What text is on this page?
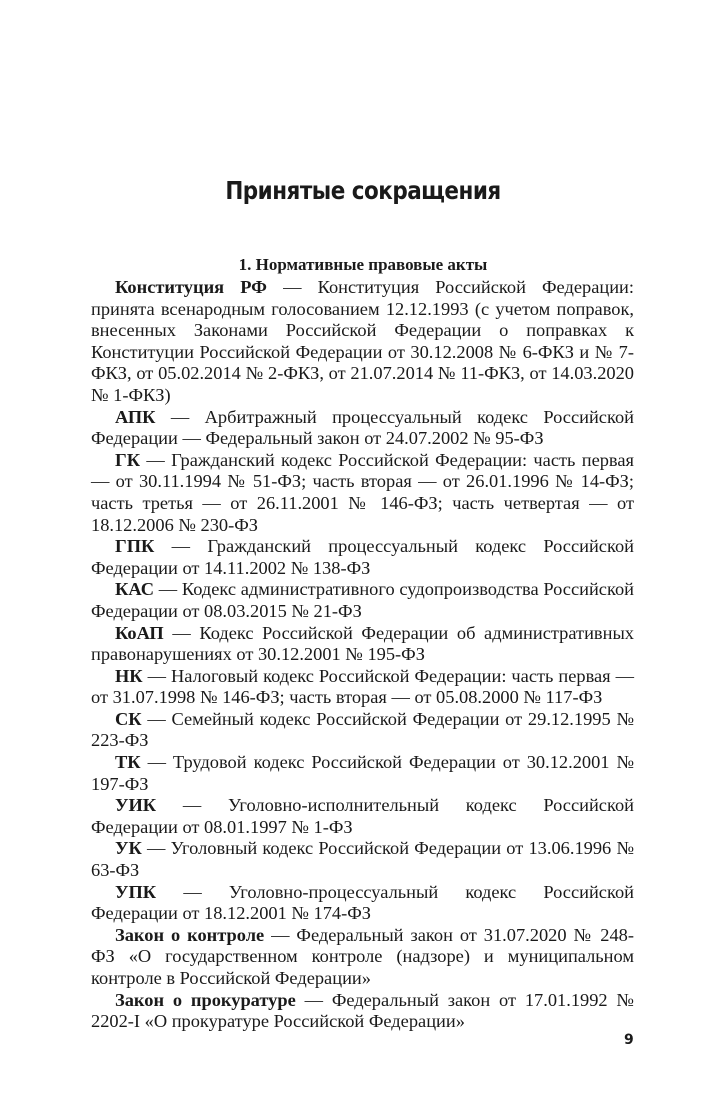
Принятые сокращения
1. Нормативные правовые акты

Конституция РФ — Конституция Российской Федерации: принята всенародным голосованием 12.12.1993 (с учетом поправок, внесенных Законами Российской Федерации о поправках к Конституции Российской Федерации от 30.12.2008 № 6-ФКЗ и № 7-ФКЗ, от 05.02.2014 № 2-ФКЗ, от 21.07.2014 № 11-ФКЗ, от 14.03.2020 № 1-ФКЗ)

АПК — Арбитражный процессуальный кодекс Российской Федерации — Федеральный закон от 24.07.2002 № 95-ФЗ

ГК — Гражданский кодекс Российской Федерации: часть первая — от 30.11.1994 № 51-ФЗ; часть вторая — от 26.01.1996 № 14-ФЗ; часть третья — от 26.11.2001 № 146-ФЗ; часть четвертая — от 18.12.2006 № 230-ФЗ

ГПК — Гражданский процессуальный кодекс Российской Федерации от 14.11.2002 № 138-ФЗ

КАС — Кодекс административного судопроизводства Российской Федерации от 08.03.2015 № 21-ФЗ

КоАП — Кодекс Российской Федерации об административных правонарушениях от 30.12.2001 № 195-ФЗ

НК — Налоговый кодекс Российской Федерации: часть первая — от 31.07.1998 № 146-ФЗ; часть вторая — от 05.08.2000 № 117-ФЗ

СК — Семейный кодекс Российской Федерации от 29.12.1995 № 223-ФЗ

ТК — Трудовой кодекс Российской Федерации от 30.12.2001 № 197-ФЗ

УИК — Уголовно-исполнительный кодекс Российской Федерации от 08.01.1997 № 1-ФЗ

УК — Уголовный кодекс Российской Федерации от 13.06.1996 № 63-ФЗ

УПК — Уголовно-процессуальный кодекс Российской Федерации от 18.12.2001 № 174-ФЗ

Закон о контроле — Федеральный закон от 31.07.2020 № 248-ФЗ «О государственном контроле (надзоре) и муниципальном контроле в Российской Федерации»

Закон о прокуратуре — Федеральный закон от 17.01.1992 № 2202-I «О прокуратуре Российской Федерации»

9
